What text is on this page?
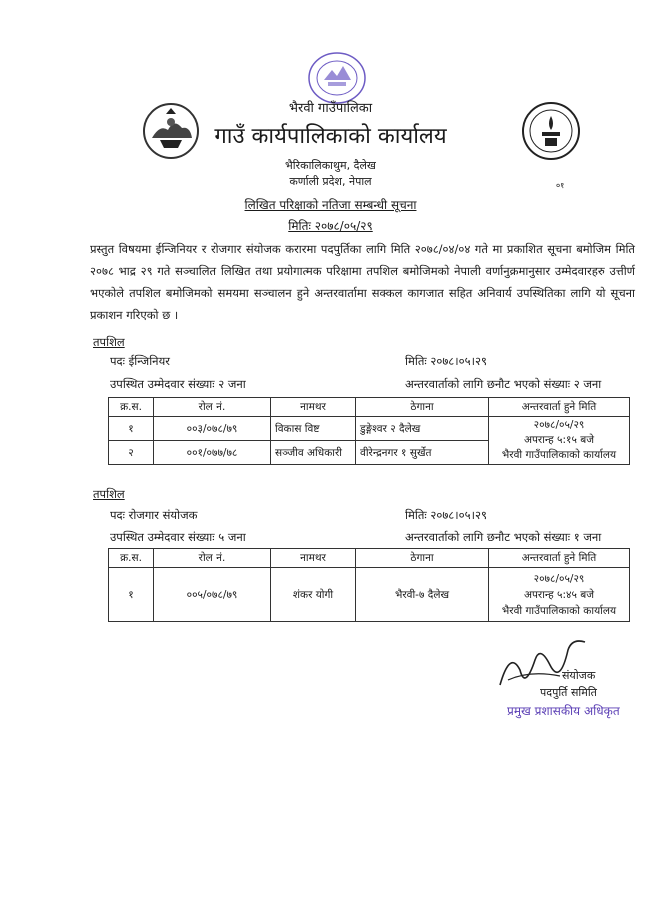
भैरवी गाउँपालिका
गाउँ कार्यपालिकाको कार्यालय
भैरिकालिकाथुम, दैलेख
कर्णाली प्रदेश, नेपाल	०१
लिखित परिक्षाको नतिजा सम्बन्धी सूचना
मितिः २०७८/०५/२९
प्रस्तुत विषयमा ईन्जिनियर र रोजगार संयोजक करारमा पदपुर्तिका लागि मिति २०७८/०४/०४ गते मा प्रकाशित सूचना बमोजिम मिति २०७८ भाद्र २९ गते सञ्चालित लिखित तथा प्रयोगात्मक परिक्षामा तपशिल बमोजिमको नेपाली वर्णानुक्रमानुसार उम्मेदवारहरु उत्तीर्ण भएकोले तपशिल बमोजिमको समयमा सञ्चालन हुने अन्तरवार्तामा सक्कल कागजात सहित अनिवार्य उपस्थितिका लागि यो सूचना प्रकाशन गरिएको छ ।
तपशिल
पदः ईन्जिनियर	मितिः २०७८।०५।२९
उपस्थित उम्मेदवार संख्याः २ जना	अन्तरवार्ताको लागि छनौट भएको संख्याः २ जना
क्र.स.	रोल नं.	नामथर	ठेगाना	अन्तरवार्ता हुने मिति
१	००३/०७८/७९	विकास विष्ट	डुङ्गेश्वर २ दैलेख	२०७८/०५/२९
अपरान्ह ५:१५ बजे
भैरवी गाउँपालिकाको कार्यालय

२	००१/०७७/७८	सञ्जीव अधिकारी	वीरेन्द्रनगर १ सुर्खेत	
तपशिल
पदः रोजगार संयोजक	मितिः २०७८।०५।२९
उपस्थित उम्मेदवार संख्याः ५ जना	अन्तरवार्ताको लागि छनौट भएको संख्याः १ जना
क्र.स.	रोल नं.	नामथर	ठेगाना	अन्तरवार्ता हुने मिति
१	००५/०७८/७९	शंकर योगी	भैरवी-७ दैलेख	२०७८/०५/२९
अपरान्ह ५:४५ बजे
भैरवी गाउँपालिकाको कार्यालय
संयोजक
पदपुर्ति समिति
प्रमुख प्रशासकीय अधिकृत
